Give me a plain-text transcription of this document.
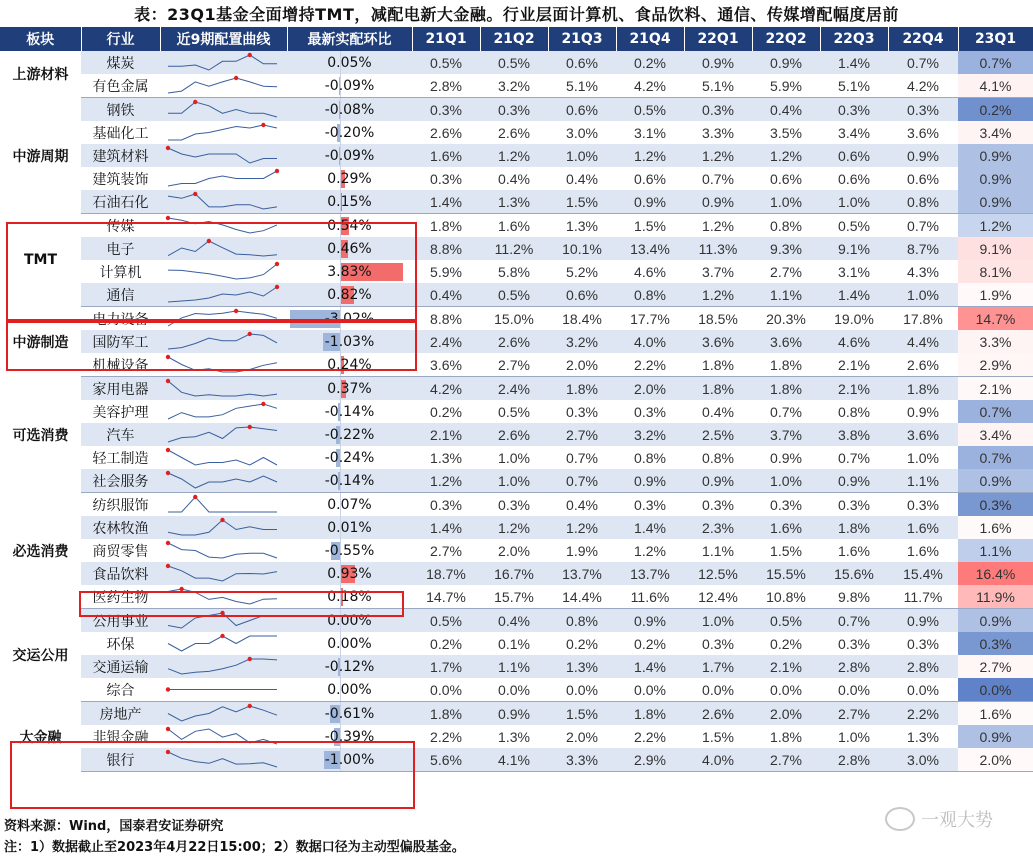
表：23Q1基金全面增持TMT，减配电新大金融。行业层面计算机、食品饮料、通信、传媒增配幅度居前
板块	行业	近9期配置曲线	最新实配环比	21Q1	21Q2	21Q3	21Q4	22Q1	22Q2	22Q3	22Q4	23Q1
上游材料	煤炭		0.05%	0.5%	0.5%	0.6%	0.2%	0.9%	0.9%	1.4%	0.7%	0.7%
	有色金属		-0.09%	2.8%	3.2%	5.1%	4.2%	5.1%	5.9%	5.1%	4.2%	4.1%
中游周期	钢铁		-0.08%	0.3%	0.3%	0.6%	0.5%	0.3%	0.4%	0.3%	0.3%	0.2%
	基础化工		-0.20%	2.6%	2.6%	3.0%	3.1%	3.3%	3.5%	3.4%	3.6%	3.4%
	建筑材料		-0.09%	1.6%	1.2%	1.0%	1.2%	1.2%	1.2%	0.6%	0.9%	0.9%
	建筑装饰		0.29%	0.3%	0.4%	0.4%	0.6%	0.7%	0.6%	0.6%	0.6%	0.9%
	石油石化		0.15%	1.4%	1.3%	1.5%	0.9%	0.9%	1.0%	1.0%	0.8%	0.9%
TMT	传媒		0.54%	1.8%	1.6%	1.3%	1.5%	1.2%	0.8%	0.5%	0.7%	1.2%
	电子		0.46%	8.8%	11.2%	10.1%	13.4%	11.3%	9.3%	9.1%	8.7%	9.1%
	计算机		3.83%	5.9%	5.8%	5.2%	4.6%	3.7%	2.7%	3.1%	4.3%	8.1%
	通信		0.82%	0.4%	0.5%	0.6%	0.8%	1.2%	1.1%	1.4%	1.0%	1.9%
中游制造	电力设备		-3.02%	8.8%	15.0%	18.4%	17.7%	18.5%	20.3%	19.0%	17.8%	14.7%
	国防军工		-1.03%	2.4%	2.6%	3.2%	4.0%	3.6%	3.6%	4.6%	4.4%	3.3%
	机械设备		0.24%	3.6%	2.7%	2.0%	2.2%	1.8%	1.8%	2.1%	2.6%	2.9%
可选消费	家用电器		0.37%	4.2%	2.4%	1.8%	2.0%	1.8%	1.8%	2.1%	1.8%	2.1%
	美容护理		-0.14%	0.2%	0.5%	0.3%	0.3%	0.4%	0.7%	0.8%	0.9%	0.7%
	汽车		-0.22%	2.1%	2.6%	2.7%	3.2%	2.5%	3.7%	3.8%	3.6%	3.4%
	轻工制造		-0.24%	1.3%	1.0%	0.7%	0.8%	0.8%	0.9%	0.7%	1.0%	0.7%
	社会服务		-0.14%	1.2%	1.0%	0.7%	0.9%	0.9%	1.0%	0.9%	1.1%	0.9%
必选消费	纺织服饰		0.07%	0.3%	0.3%	0.4%	0.3%	0.3%	0.3%	0.3%	0.3%	0.3%
	农林牧渔		0.01%	1.4%	1.2%	1.2%	1.4%	2.3%	1.6%	1.8%	1.6%	1.6%
	商贸零售		-0.55%	2.7%	2.0%	1.9%	1.2%	1.1%	1.5%	1.6%	1.6%	1.1%
	食品饮料		0.93%	18.7%	16.7%	13.7%	13.7%	12.5%	15.5%	15.6%	15.4%	16.4%
	医药生物		0.18%	14.7%	15.7%	14.4%	11.6%	12.4%	10.8%	9.8%	11.7%	11.9%
交运公用	公用事业		0.00%	0.5%	0.4%	0.8%	0.9%	1.0%	0.5%	0.7%	0.9%	0.9%
	环保		0.00%	0.2%	0.1%	0.2%	0.2%	0.3%	0.2%	0.3%	0.3%	0.3%
	交通运输		-0.12%	1.7%	1.1%	1.3%	1.4%	1.7%	2.1%	2.8%	2.8%	2.7%
	综合		0.00%	0.0%	0.0%	0.0%	0.0%	0.0%	0.0%	0.0%	0.0%	0.0%
大金融	房地产		-0.61%	1.8%	0.9%	1.5%	1.8%	2.6%	2.0%	2.7%	2.2%	1.6%
	非银金融		-0.39%	2.2%	1.3%	2.0%	2.2%	1.5%	1.8%	1.0%	1.3%	0.9%
	银行		-1.00%	5.6%	4.1%	3.3%	2.9%	4.0%	2.7%	2.8%	3.0%	2.0%
资料来源：Wind，国泰君安证券研究
注：1）数据截止至2023年4月22日15:00；2）数据口径为主动型偏股基金。
一观大势
